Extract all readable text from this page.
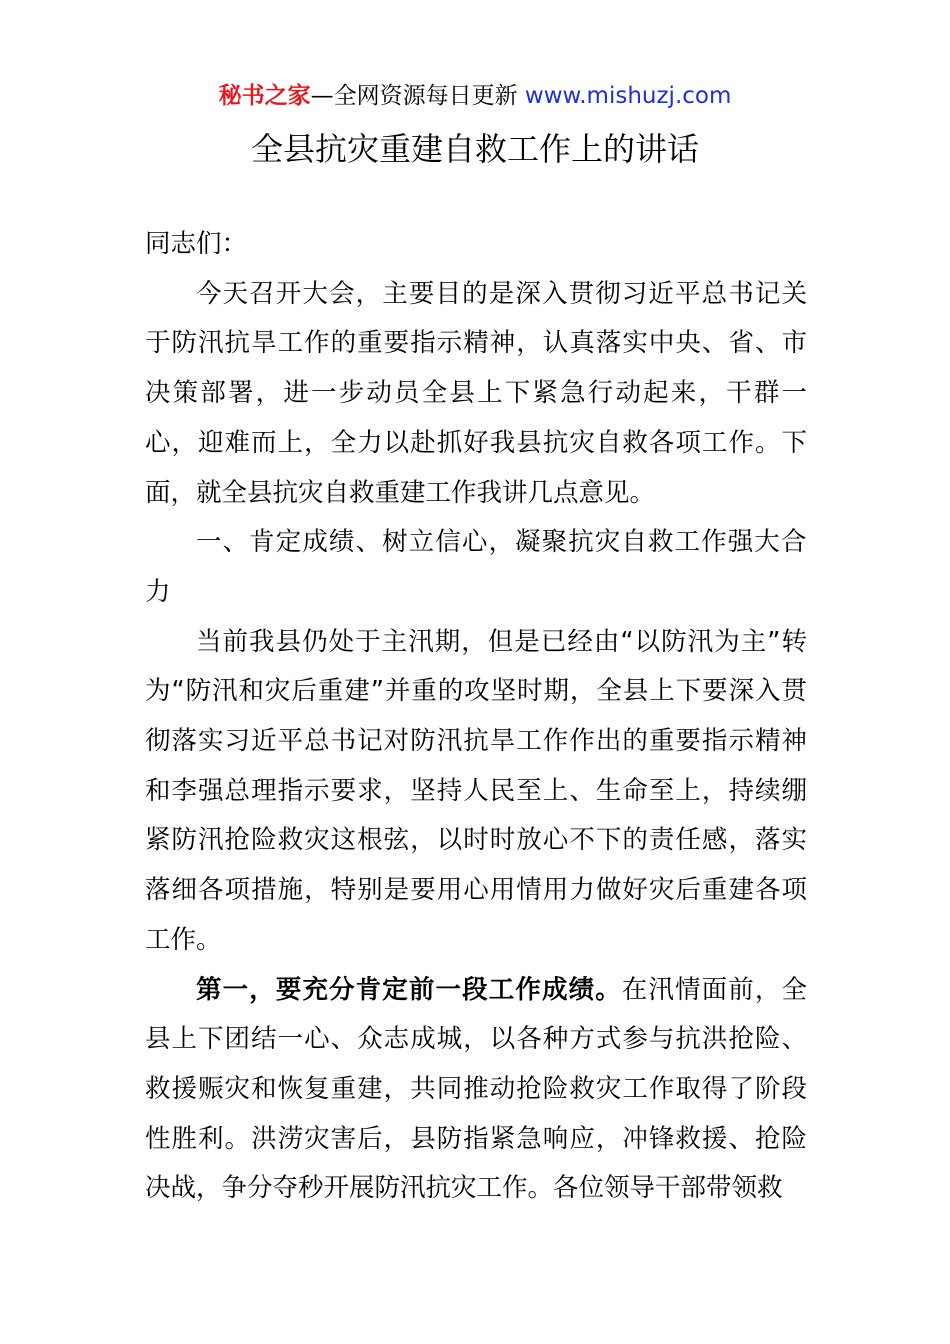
秘书之家—全网资源每日更新 www.mishuzj.com
全县抗灾重建自救工作上的讲话

同志们：

今天召开大会，主要目的是深入贯彻习近平总书记关于防汛抗旱工作的重要指示精神，认真落实中央、省、市决策部署，进一步动员全县上下紧急行动起来，干群一心，迎难而上，全力以赴抓好我县抗灾自救各项工作。下面，就全县抗灾自救重建工作我讲几点意见。

一、肯定成绩、树立信心，凝聚抗灾自救工作强大合力

当前我县仍处于主汛期，但是已经由“以防汛为主”转为“防汛和灾后重建”并重的攻坚时期，全县上下要深入贯彻落实习近平总书记对防汛抗旱工作作出的重要指示精神和李强总理指示要求，坚持人民至上、生命至上，持续绷紧防汛抢险救灾这根弦，以时时放心不下的责任感，落实落细各项措施，特别是要用心用情用力做好灾后重建各项工作。

第一，要充分肯定前一段工作成绩。在汛情面前，全县上下团结一心、众志成城，以各种方式参与抗洪抢险、救援赈灾和恢复重建，共同推动抢险救灾工作取得了阶段性胜利。洪涝灾害后，县防指紧急响应，冲锋救援、抢险决战，争分夺秒开展防汛抗灾工作。各位领导干部带领救
